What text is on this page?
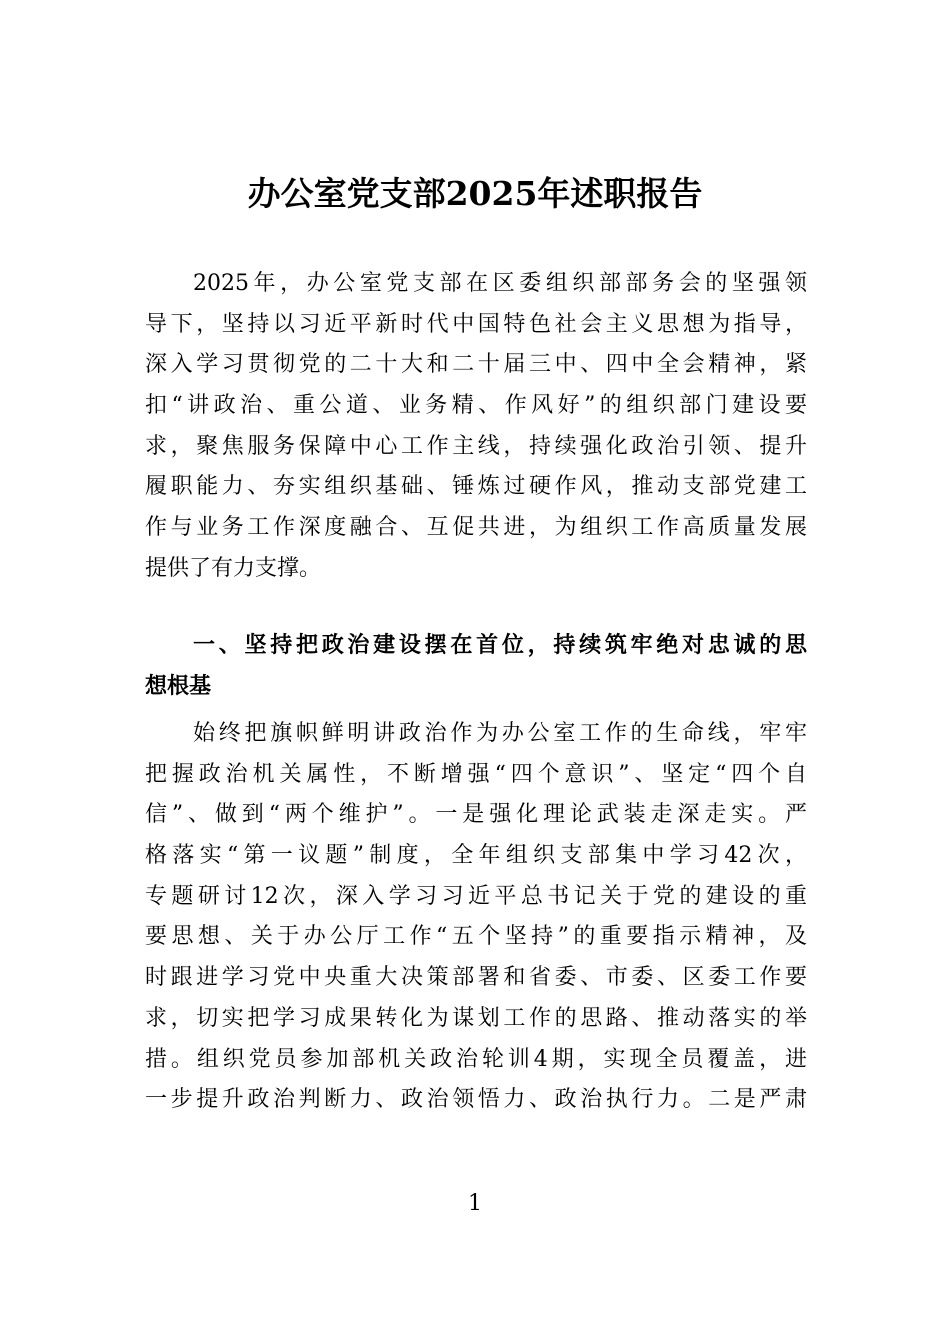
办公室党支部2025年述职报告
2025年，办公室党支部在区委组织部部务会的坚强领
导下，坚持以习近平新时代中国特色社会主义思想为指导，
深入学习贯彻党的二十大和二十届三中、四中全会精神，紧
扣“讲政治、重公道、业务精、作风好”的组织部门建设要
求，聚焦服务保障中心工作主线，持续强化政治引领、提升
履职能力、夯实组织基础、锤炼过硬作风，推动支部党建工
作与业务工作深度融合、互促共进，为组织工作高质量发展
提供了有力支撑。
一、坚持把政治建设摆在首位，持续筑牢绝对忠诚的思
想根基
始终把旗帜鲜明讲政治作为办公室工作的生命线，牢牢
把握政治机关属性，不断增强“四个意识”、坚定“四个自
信”、做到“两个维护”。一是强化理论武装走深走实。严
格落实“第一议题”制度，全年组织支部集中学习42次，
专题研讨12次，深入学习习近平总书记关于党的建设的重
要思想、关于办公厅工作“五个坚持”的重要指示精神，及
时跟进学习党中央重大决策部署和省委、市委、区委工作要
求，切实把学习成果转化为谋划工作的思路、推动落实的举
措。组织党员参加部机关政治轮训4期，实现全员覆盖，进
一步提升政治判断力、政治领悟力、政治执行力。二是严肃
1
